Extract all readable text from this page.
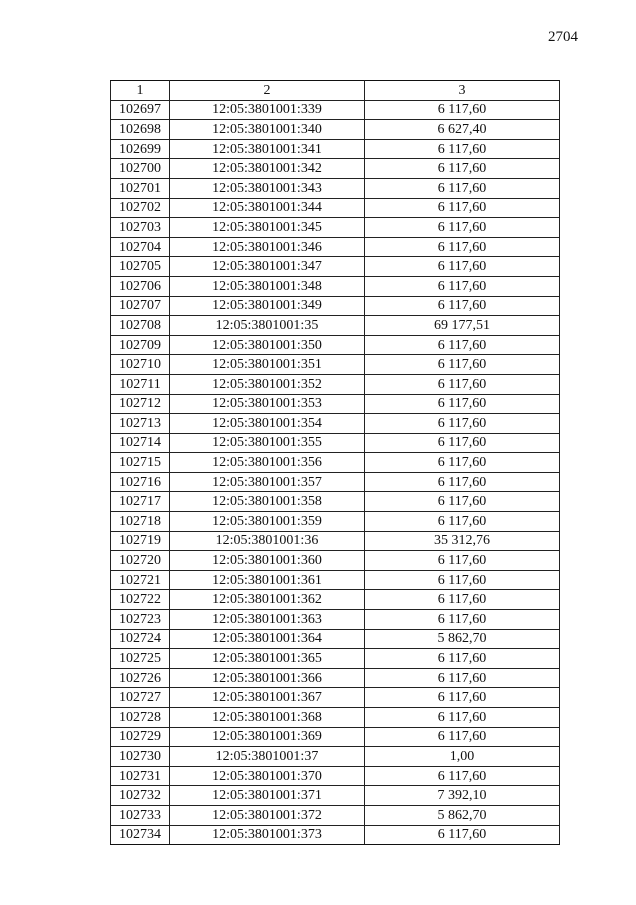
2704
1	2	3
102697	12:05:3801001:339	6 117,60
102698	12:05:3801001:340	6 627,40
102699	12:05:3801001:341	6 117,60
102700	12:05:3801001:342	6 117,60
102701	12:05:3801001:343	6 117,60
102702	12:05:3801001:344	6 117,60
102703	12:05:3801001:345	6 117,60
102704	12:05:3801001:346	6 117,60
102705	12:05:3801001:347	6 117,60
102706	12:05:3801001:348	6 117,60
102707	12:05:3801001:349	6 117,60
102708	12:05:3801001:35	69 177,51
102709	12:05:3801001:350	6 117,60
102710	12:05:3801001:351	6 117,60
102711	12:05:3801001:352	6 117,60
102712	12:05:3801001:353	6 117,60
102713	12:05:3801001:354	6 117,60
102714	12:05:3801001:355	6 117,60
102715	12:05:3801001:356	6 117,60
102716	12:05:3801001:357	6 117,60
102717	12:05:3801001:358	6 117,60
102718	12:05:3801001:359	6 117,60
102719	12:05:3801001:36	35 312,76
102720	12:05:3801001:360	6 117,60
102721	12:05:3801001:361	6 117,60
102722	12:05:3801001:362	6 117,60
102723	12:05:3801001:363	6 117,60
102724	12:05:3801001:364	5 862,70
102725	12:05:3801001:365	6 117,60
102726	12:05:3801001:366	6 117,60
102727	12:05:3801001:367	6 117,60
102728	12:05:3801001:368	6 117,60
102729	12:05:3801001:369	6 117,60
102730	12:05:3801001:37	1,00
102731	12:05:3801001:370	6 117,60
102732	12:05:3801001:371	7 392,10
102733	12:05:3801001:372	5 862,70
102734	12:05:3801001:373	6 117,60
